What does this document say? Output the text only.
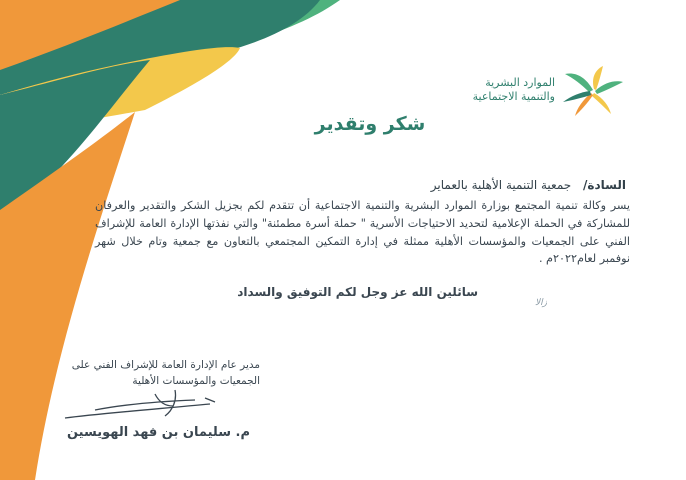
الموارد البشرية
والتنمية الاجتماعية
شكر وتقدير
السادة/ جمعية التنمية الأهلية بالعماير
يسر وكالة تنمية المجتمع بوزارة الموارد البشرية والتنمية الاجتماعية أن تتقدم لكم بجزيل الشكر والتقدير والعرفان للمشاركة في الحملة الإعلامية لتحديد الاحتياجات الأسرية " حملة أسرة مطمئنة" والتي نفذتها الإدارة العامة للإشراف الفني على الجمعيات والمؤسسات الأهلية ممثلة في إدارة التمكين المجتمعي بالتعاون مع جمعية وتام خلال شهر نوفمبر لعام٢٠٢٢م .
سائلين الله عز وجل لكم التوفيق والسداد
زالا
مدير عام الإدارة العامة للإشراف الفني على
الجمعيات والمؤسسات الأهلية
م. سليمان بن فهد الهويسين
